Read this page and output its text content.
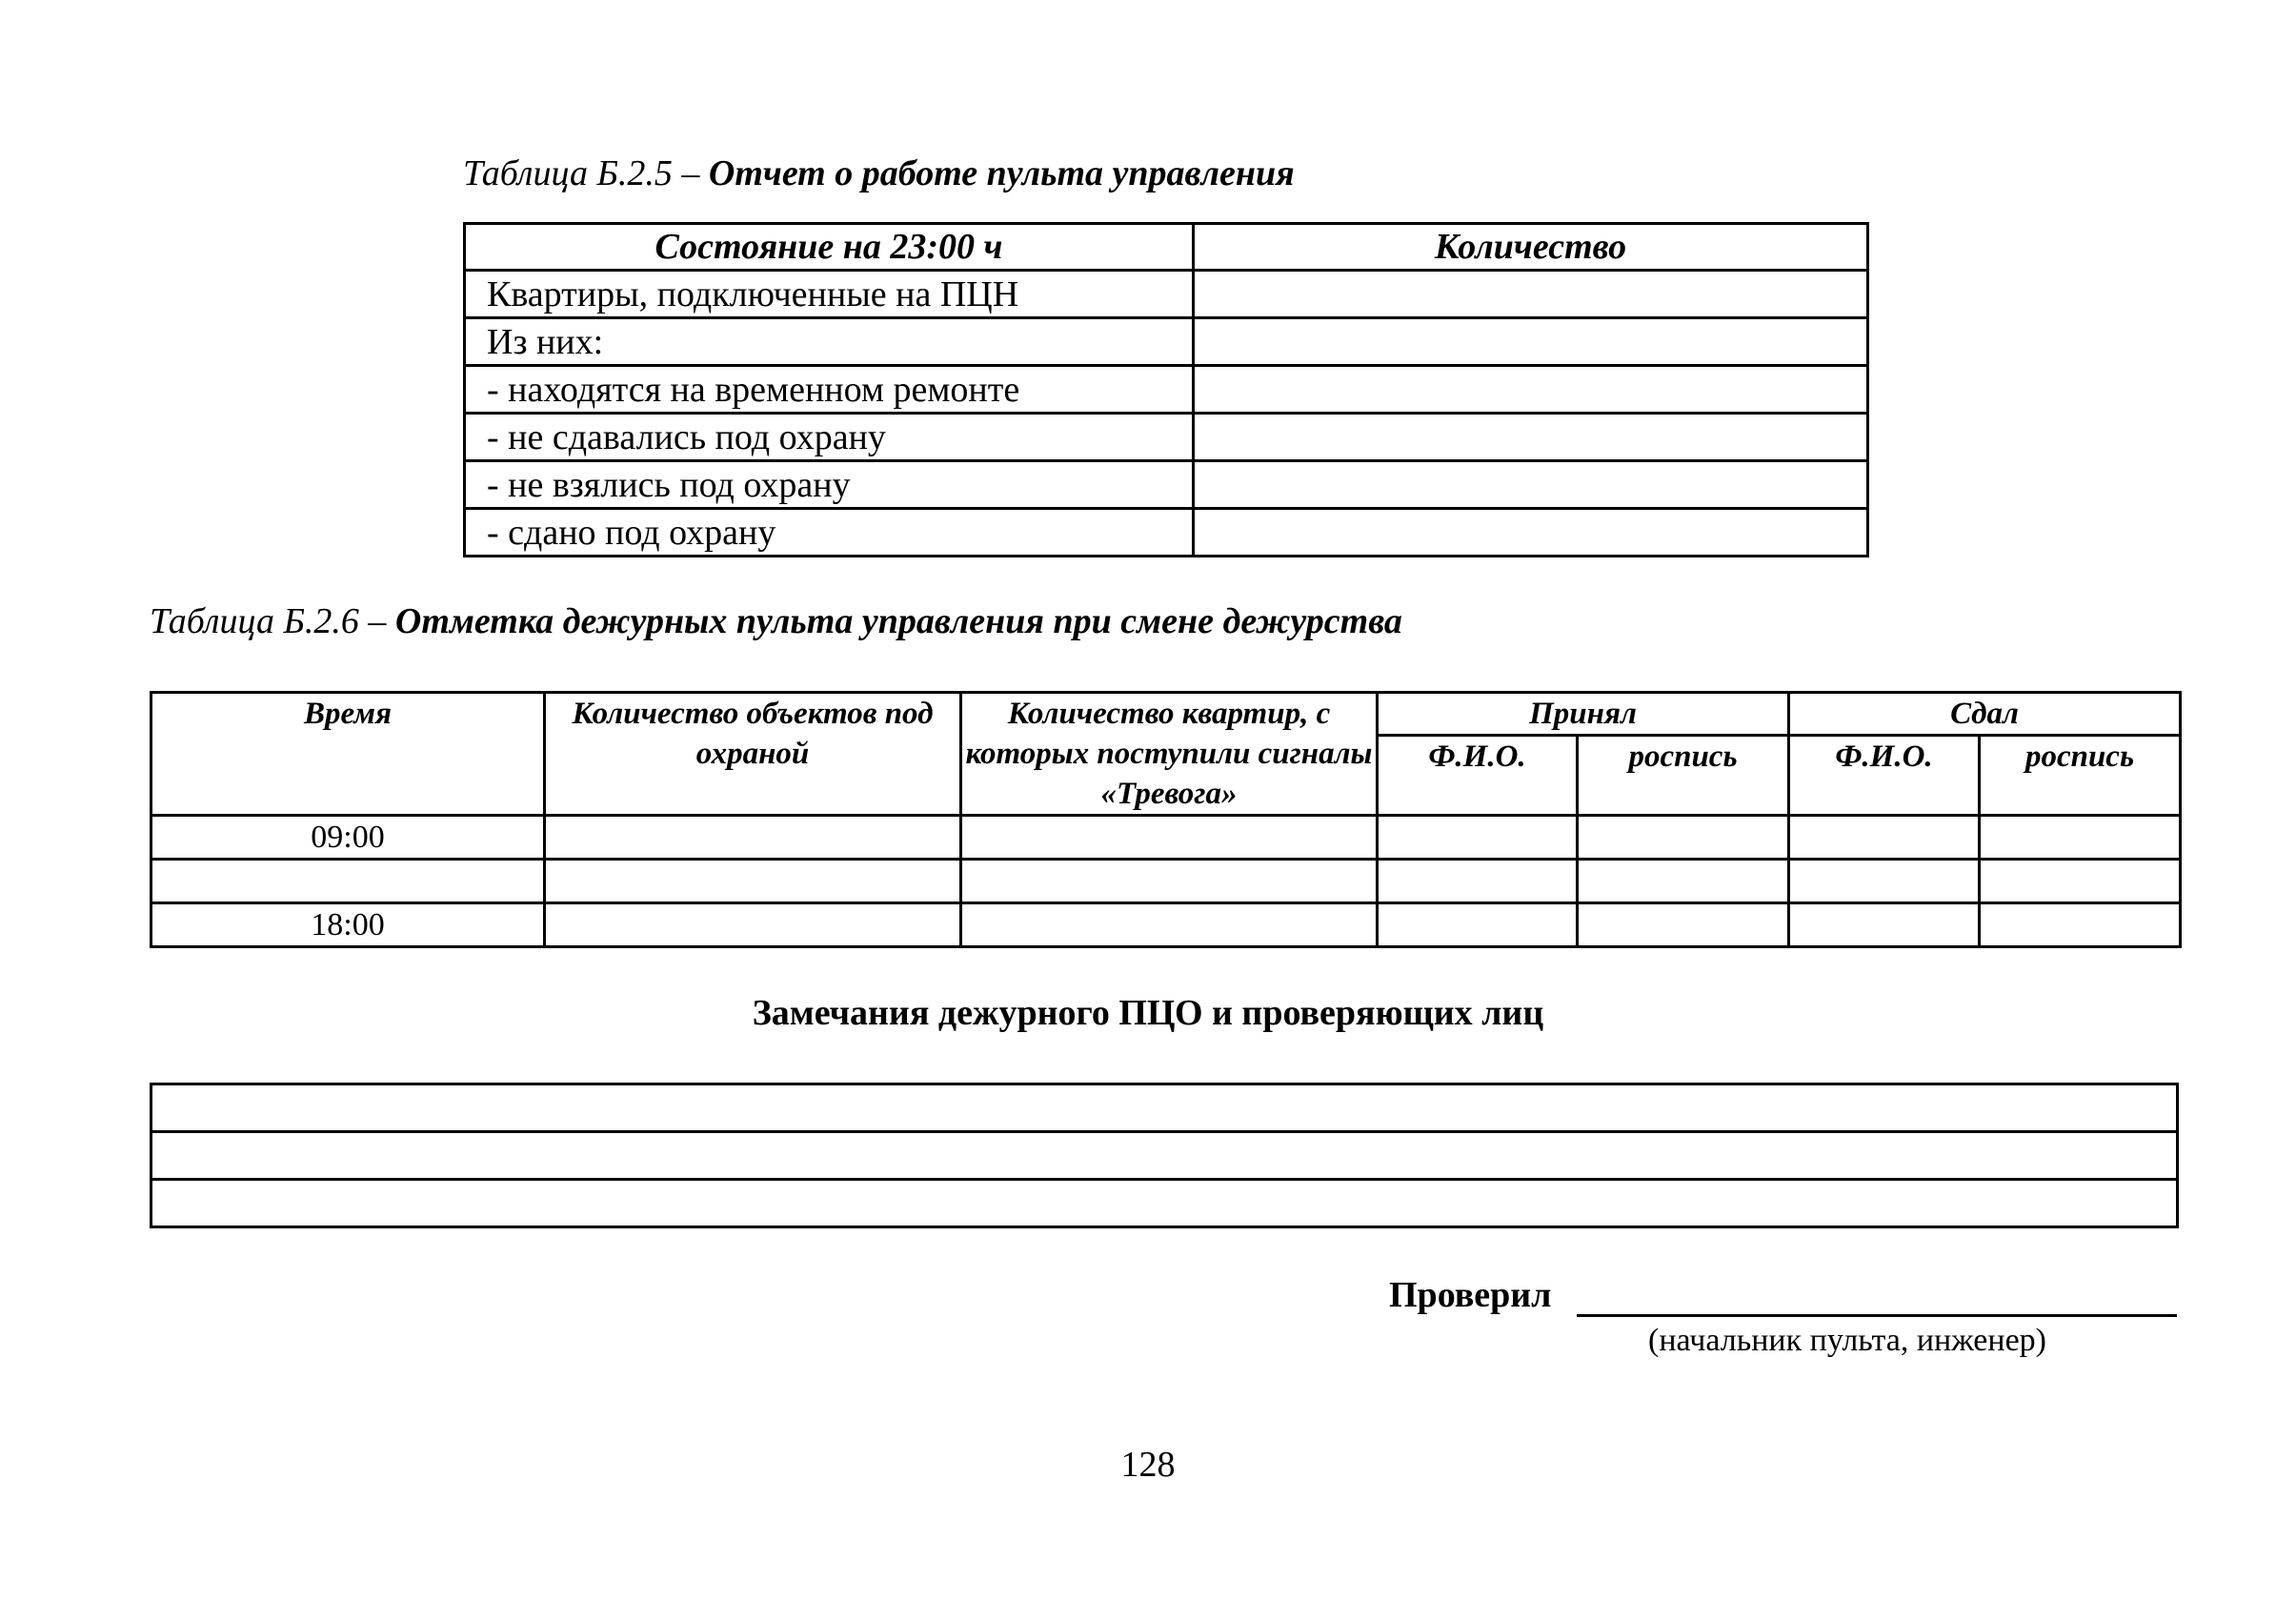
Таблица Б.2.5 – Отчет о работе пульта управления
Состояние на 23:00 ч	Количество
Квартиры, подключенные на ПЦН	
Из них:	
- находятся на временном ремонте	
- не сдавались под охрану	
- не взялись под охрану	
- сдано под охрану	
Таблица Б.2.6 – Отметка дежурных пульта управления при смене дежурства
Время	Количество объектов под охраной	Количество квартир, с которых поступили сигналы «Тревога»	Принял		Сдал	
			Ф.И.О.	роспись	Ф.И.О.	роспись
09:00						

18:00						
Замечания дежурного ПЦО и проверяющих лиц

Проверил
(начальник пульта, инженер)
128
